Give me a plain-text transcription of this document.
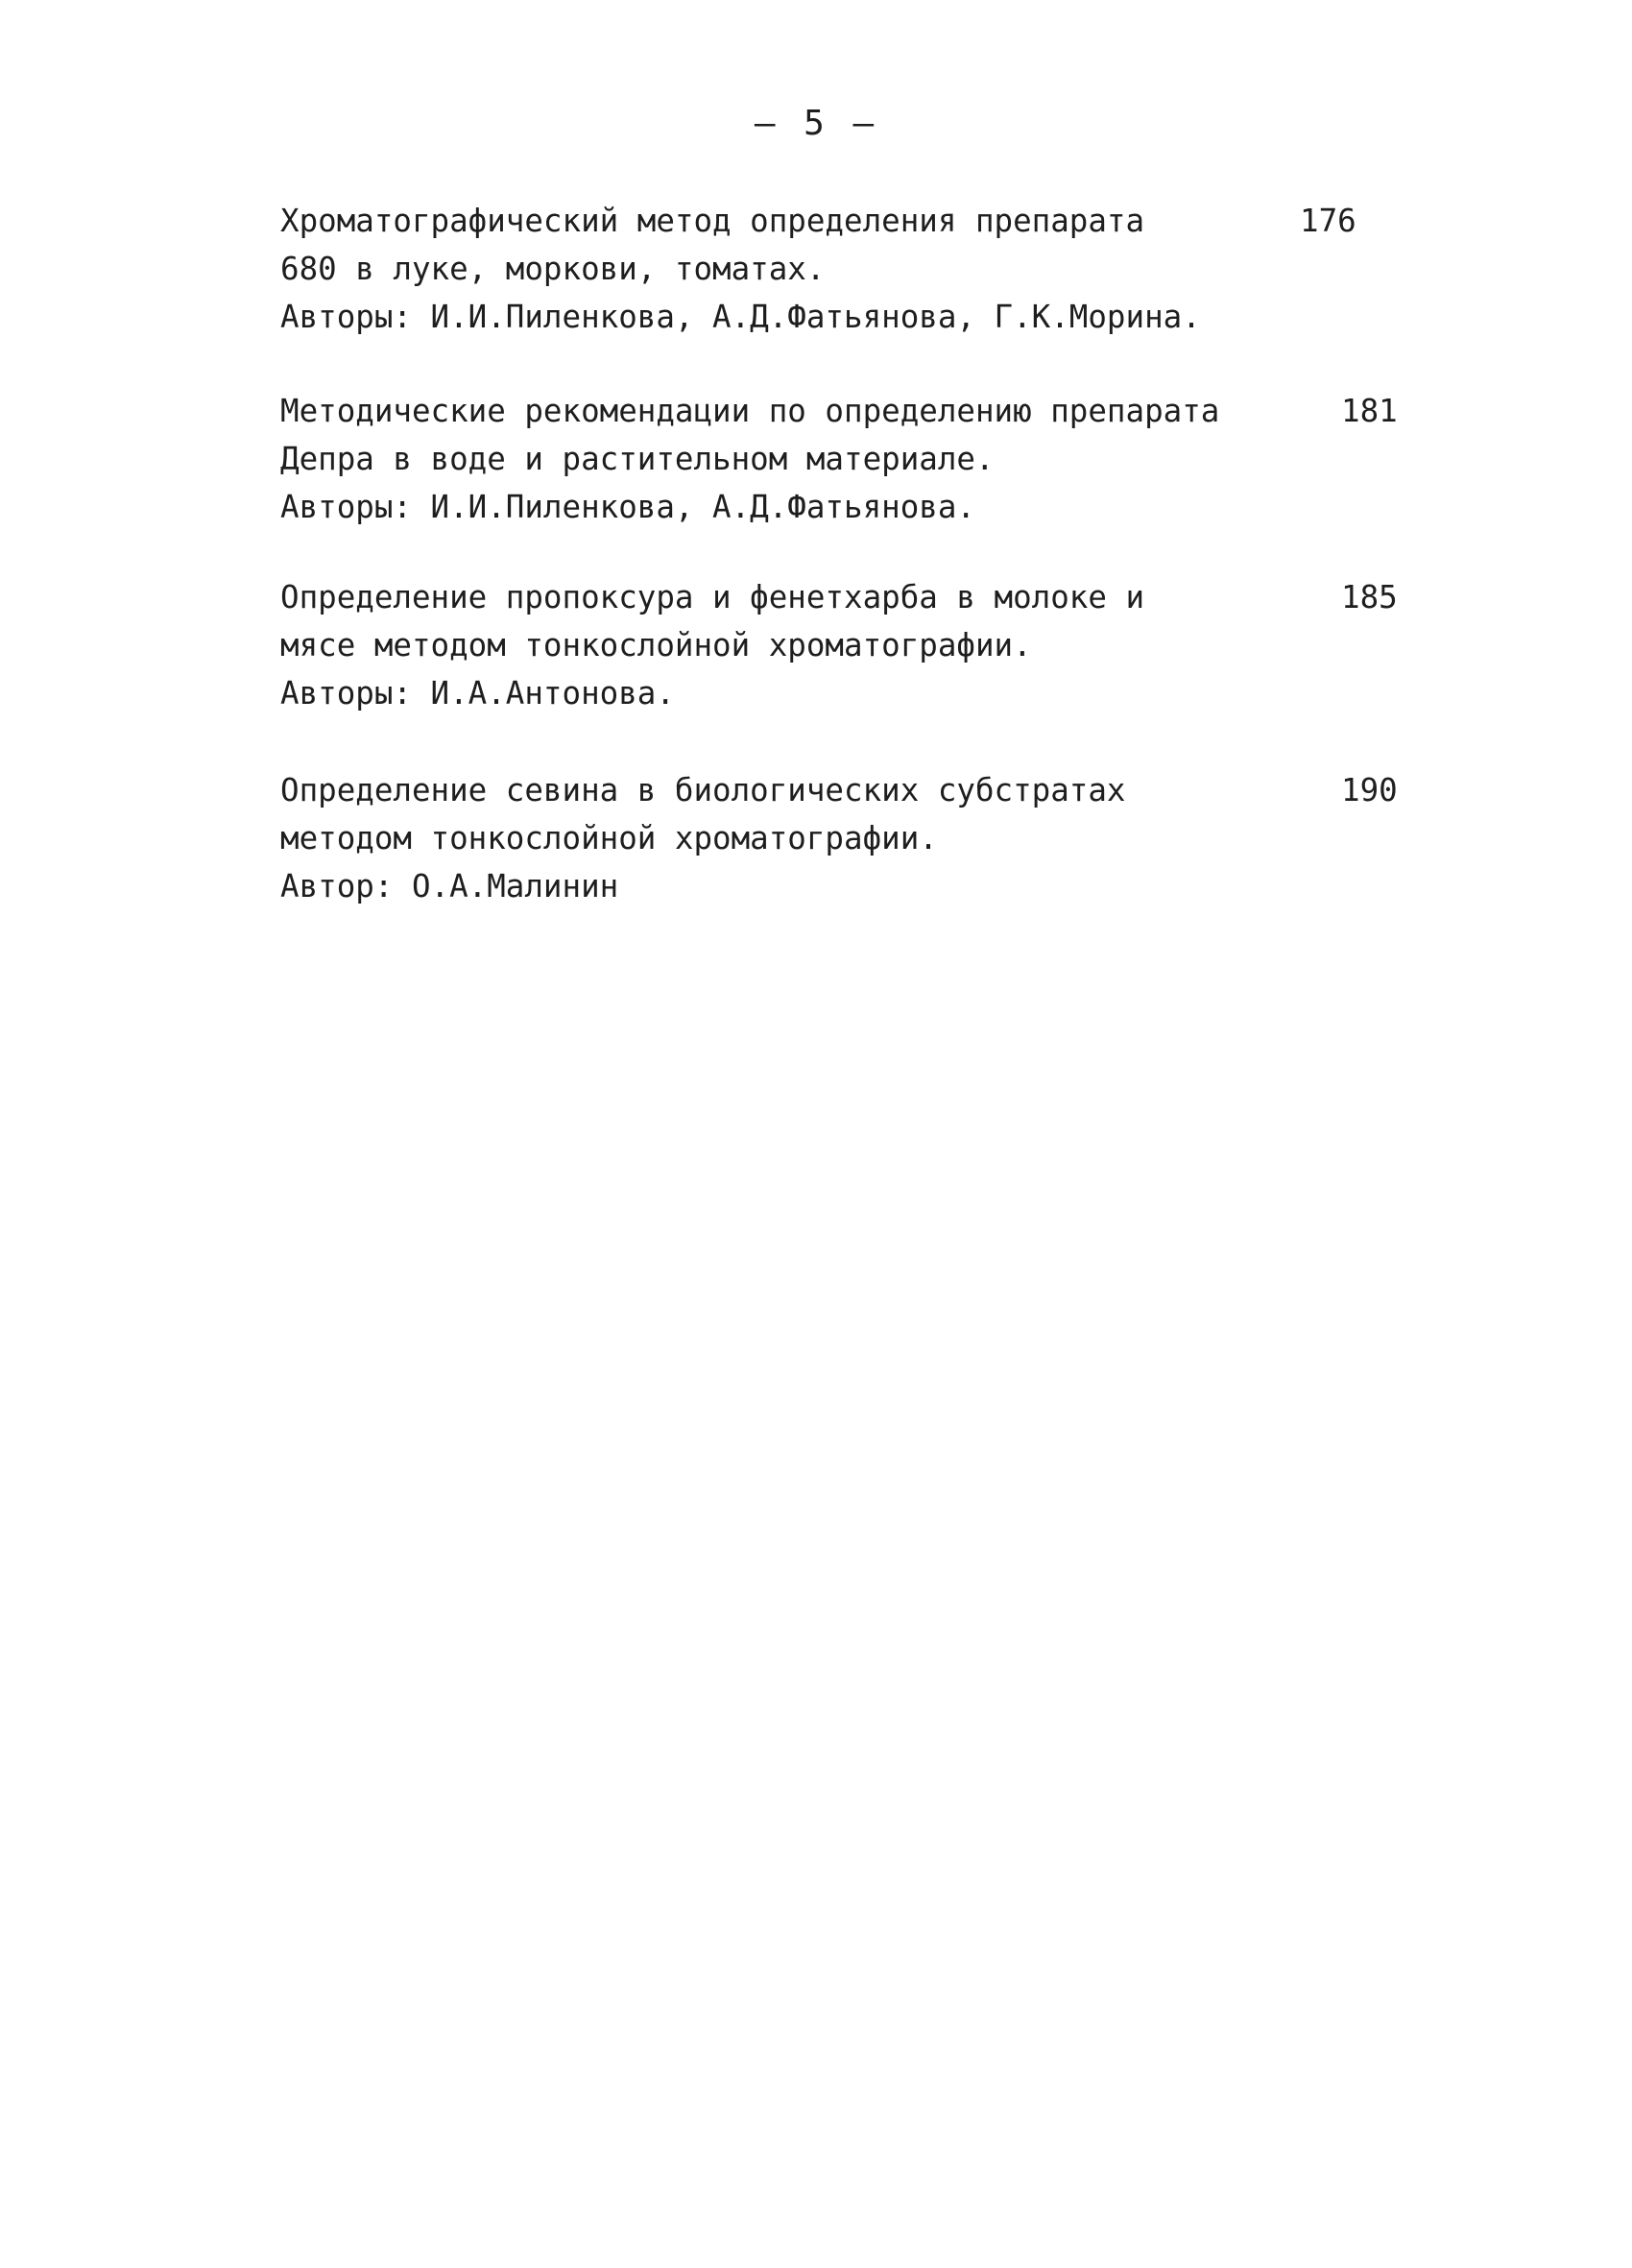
– 5 –
Хроматографический метод определения препарата
680 в луке, моркови, томатах.
Авторы: И.И.Пиленкова, А.Д.Фатьянова, Г.К.Морина.
176
Методические рекомендации по определению препарата
Депра в воде и растительном материале.
Авторы: И.И.Пиленкова, А.Д.Фатьянова.
181
Определение пропоксура и фенетхарба в молоке и
мясе методом тонкослойной хроматографии.
Авторы: И.А.Антонова.
185
Определение севина в биологических субстратах
методом тонкослойной хроматографии.
Автор: О.А.Малинин
190
